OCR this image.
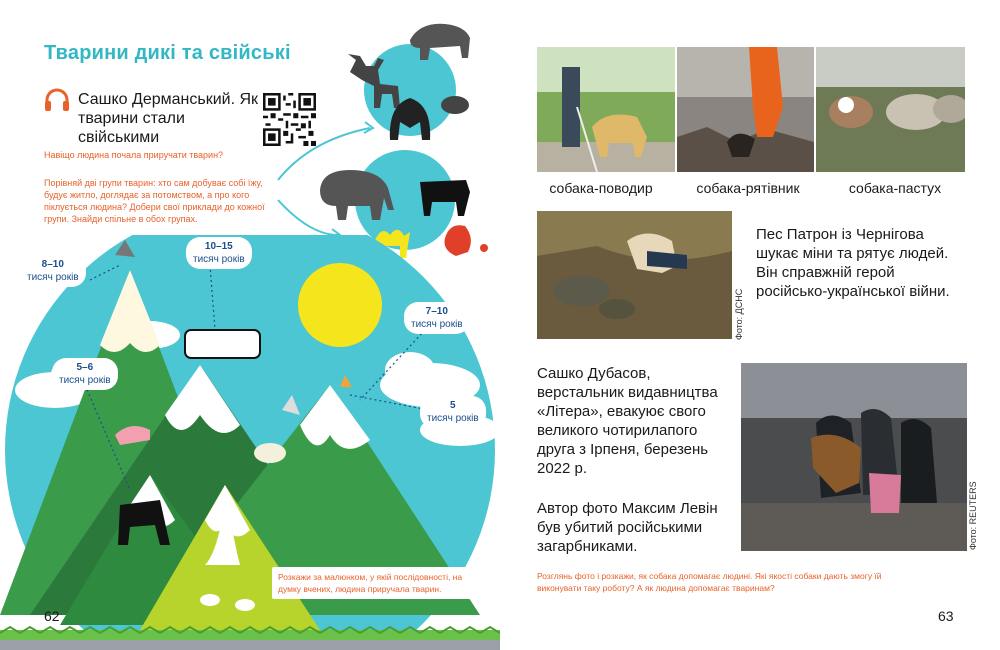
Тварини дикі та свійські
Сашко Дерманський. Як тварини стали свійськими
Навіщо людина почала приручати тварин?
Порівняй дві групи тварин: хто сам добуває собі їжу, будує житло, доглядає за потомством, а про кого піклується людина? Добери свої приклади до кожної групи. Знайди спільне в обох групах.
8–10
тисяч років
10–15
тисяч років
7–10
тисяч років
5–6
тисяч років
5
тисяч років
Розкажи за малюнком, у якій послідовності, на думку вчених, людина приручала тварин.
62
собака-поводир	собака-рятівник	собака-пастух
Фото: ДСНС
Пес Патрон із Чернігова шукає міни та рятує людей. Він справжній герой російсько-української війни.
Сашко Дубасов, верстальник видавництва «Літера», евакуює свого великого чотирилапого друга з Ірпеня, березень 2022 р.
Автор фото Максим Левін був убитий російськими загарбниками.	Фото: REUTERS
Розглянь фото і розкажи, як собака допомагає людині. Які якості собаки дають змогу їй виконувати таку роботу? А як людина допомагає тваринам?
63
